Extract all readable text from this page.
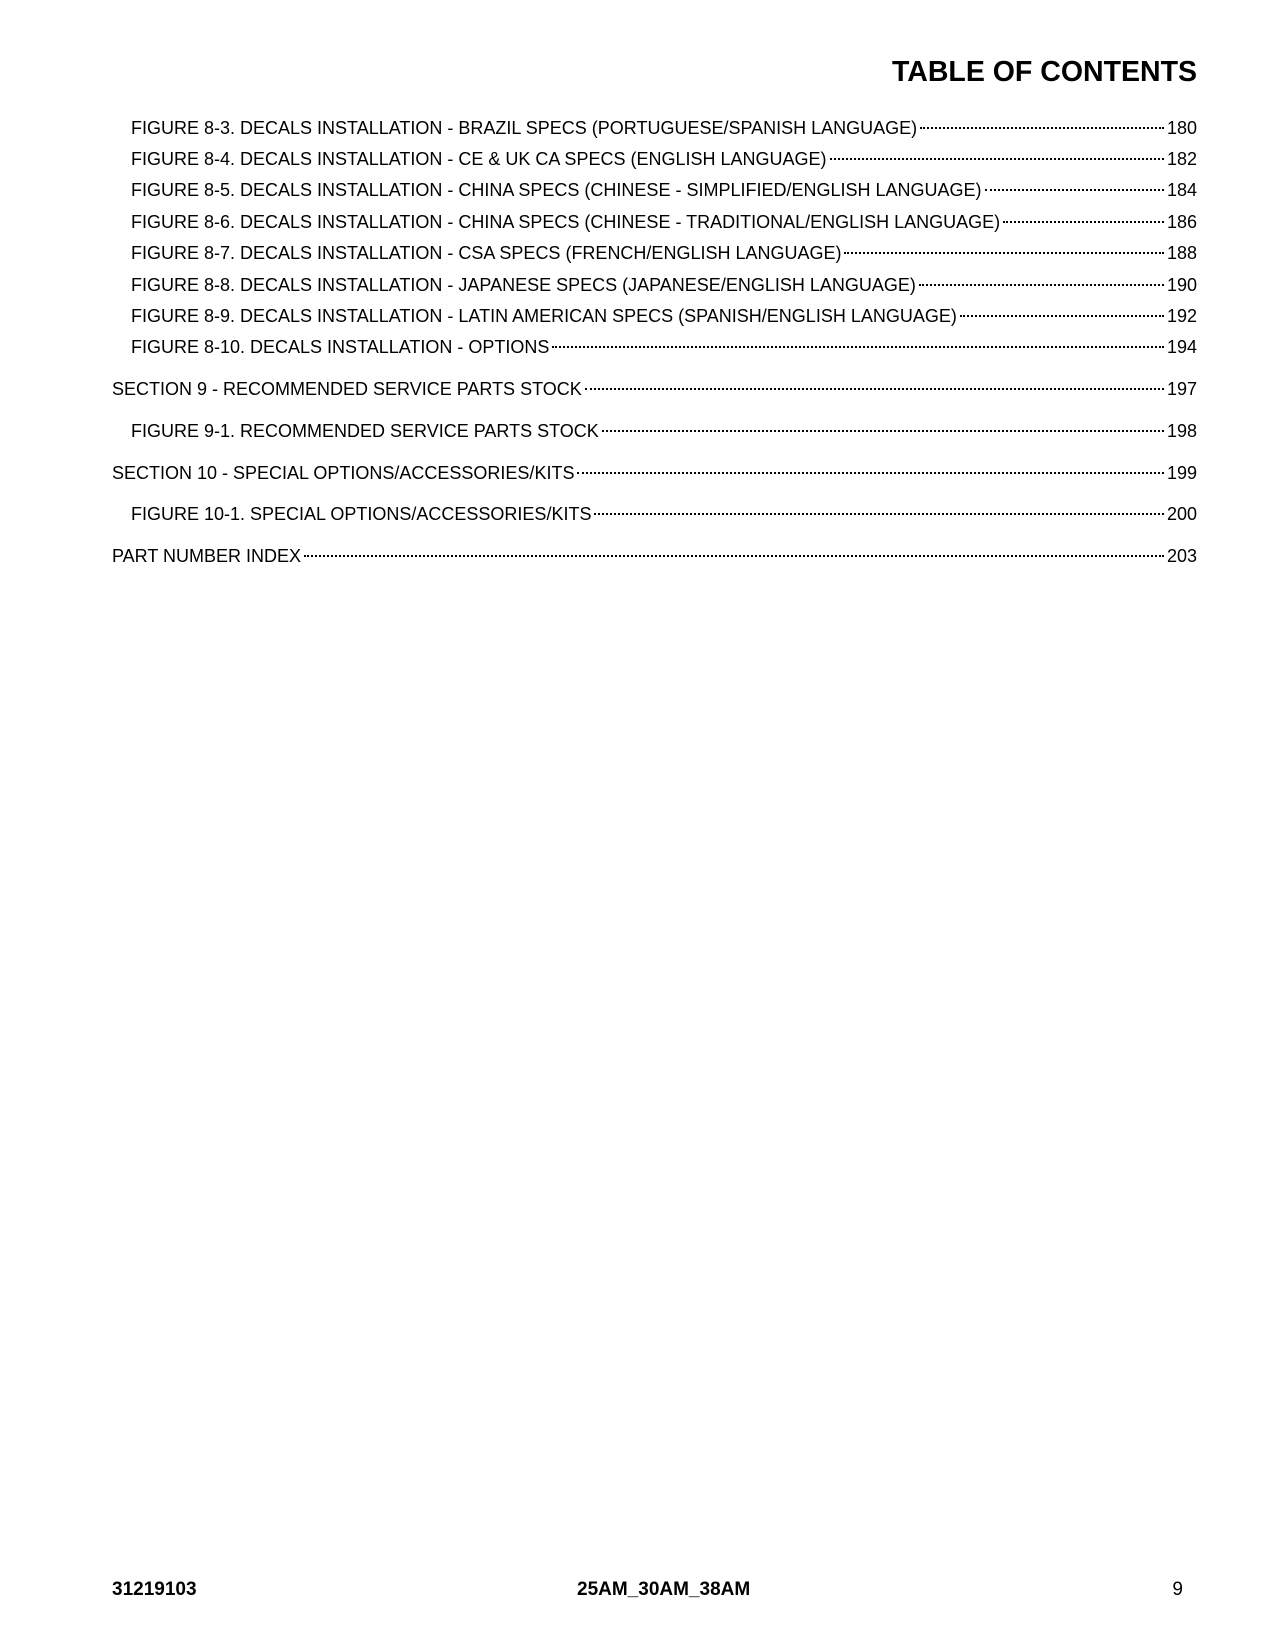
TABLE OF CONTENTS
FIGURE 8-3. DECALS INSTALLATION - BRAZIL SPECS (PORTUGUESE/SPANISH LANGUAGE)	180
FIGURE 8-4. DECALS INSTALLATION - CE & UK CA SPECS (ENGLISH LANGUAGE)	182
FIGURE 8-5. DECALS INSTALLATION - CHINA SPECS (CHINESE - SIMPLIFIED/ENGLISH LANGUAGE)	184
FIGURE 8-6. DECALS INSTALLATION - CHINA SPECS (CHINESE - TRADITIONAL/ENGLISH LANGUAGE)	186
FIGURE 8-7. DECALS INSTALLATION - CSA SPECS (FRENCH/ENGLISH LANGUAGE)	188
FIGURE 8-8. DECALS INSTALLATION - JAPANESE SPECS (JAPANESE/ENGLISH LANGUAGE)	190
FIGURE 8-9. DECALS INSTALLATION - LATIN AMERICAN SPECS (SPANISH/ENGLISH LANGUAGE)	192
FIGURE 8-10. DECALS INSTALLATION - OPTIONS	194
SECTION 9 - RECOMMENDED SERVICE PARTS STOCK	197
FIGURE 9-1. RECOMMENDED SERVICE PARTS STOCK	198
SECTION 10 - SPECIAL OPTIONS/ACCESSORIES/KITS	199
FIGURE 10-1. SPECIAL OPTIONS/ACCESSORIES/KITS	200
PART NUMBER INDEX	203
31219103	25AM_30AM_38AM	9
